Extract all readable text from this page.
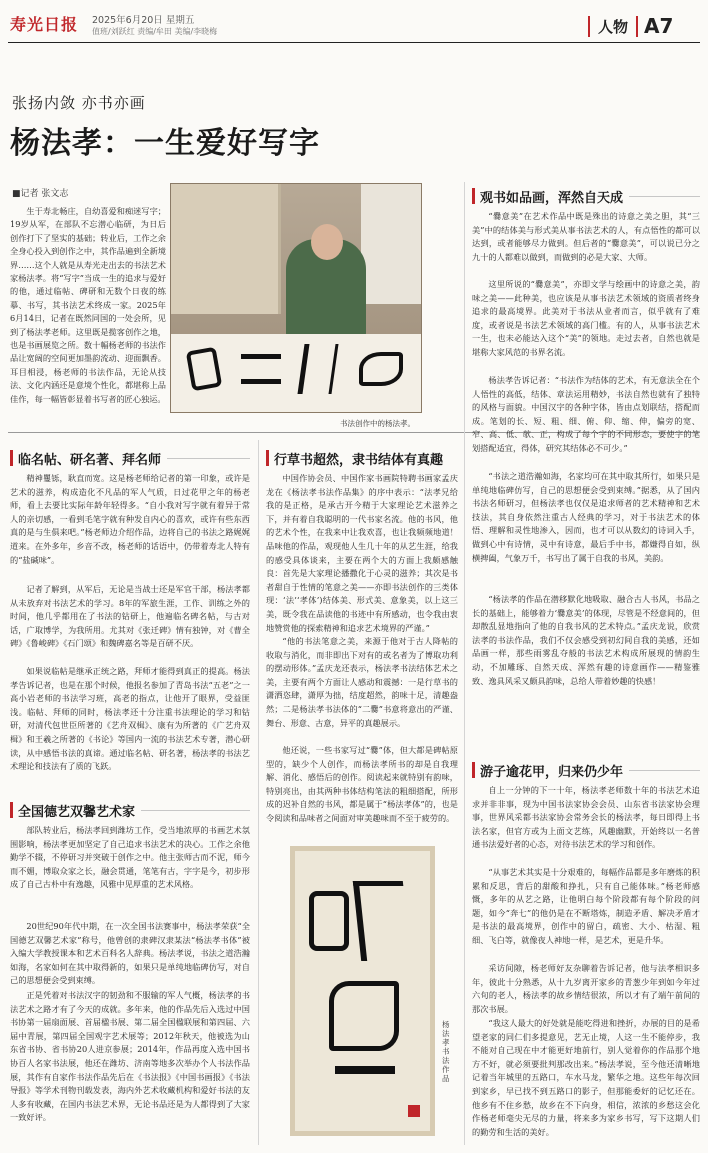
寿光日报 2025年6月20日 星期五
值班/刘跃红 责编/牟田 美编/李晓梅	人物 A7
张扬内敛 亦书亦画
杨法孝：一生爱好写字
■记者 张文志

生于寿北畅庄，自幼喜爱和痴迷写字；19岁从军，在部队不忘潜心临研，为日后创作打下了坚实的基础；转业后，工作之余全身心投入到创作之中，其作品遍到全新境界……这个人就是从寿光走出去的书法艺术家杨法孝。将“写字”当成一生的追求与爱好的他，通过临帖、碑研和无数个日夜的练摹、书写，其书法艺术终成一家。2025年6月14日，记者在既然同国的一处会所，见到了杨法孝老师。这里既是揽客创作之地，也是书画展览之所。数十幅杨老师的书法作品让宽阔的空间更加墨韵流动、迎面飘香。耳目相浸，杨老师的书法作品，无论从技法、文化内涵还是意境个性化，都堪称上品佳作，每一幅皆彰显着书写者的匠心独运。

书法创作中的杨法孝。
临名帖、研名著、拜名师

精神矍铄，耿直而宽。这是杨老师给记者的第一印象，或许是艺术的滋养，构成造化不凡品的军人气质，日过花甲之年的杨老师，看上去要比实际年龄年轻得多。“自小我对写字就有着异于常人的亲切感，一看到毛笔字就有种发自内心的喜欢，或许有些东西真的是与生俱来吧。”杨老师边介绍作品，边将自己的书法之路娓娓道来。在外多年，乡音不改，杨老师的话语中，仍带着寿北人特有的“盐碱味”。

记者了解到，从军后，无论是当战士还是军官干部，杨法孝都从未放弃对书法艺术的学习。8年的军旅生涯，工作、训练之外的时间，他几乎都用在了书法的钻研上，他遍临名碑名帖，与古对话，广取博学，为我所用。尤其对《张迁碑》情有独钟，对《曹全碑》《鲁峻碑》《石门颂》和魏碑嘉名等是百研不厌。

如果说临帖是继承正统之路，拜师才能得到真正的提高。杨法孝告诉记者，也是在那个时候，他报名参加了青岛书法“五老”之一高小岩老师的书法学习班，高老的指点，让他开了眼界，受益匪浅。临帖、拜师的同时，杨法孝还十分注重书法理论的学习和钻研，对清代包世臣所著的《艺舟双楫》、康有为所著的《广艺舟双楫》和王羲之所著的《书论》等国内一流的书法艺术专著，潜心研读，从中感悟书法的真谛。通过临名帖、研名著，杨法孝的书法艺术理论和技法有了质的飞跃。

全国德艺双馨艺术家

部队转业后，杨法孝回到潍坊工作，受当地浓厚的书画艺术氛围影响，杨法孝更加坚定了自己追求书法艺术的决心。工作之余他勤学不辍，不停研习并突破于创作之中。他主张师古而不泥，师今而不媚，博取众家之长，融会贯通，笔笔有古，字字是今，初步形成了自己古朴中有逸趣，风雅中见厚重的艺术风格。

20世纪90年代中期，在一次全国书法赛事中，杨法孝荣获“全国德艺双馨艺术家”称号，他曾创的隶碑汉隶某法“杨法孝书体”被入编大学教授课本和艺术百科名人辞典。杨法孝说，书法之道浩瀚如海，名家如何在其中取得新的，如果只是单纯地临碑仿写，对自己的思想便会受到束缚。

正是凭着对书法汉字的韧劲和不服输的军人气概，杨法孝的书法艺术之路才有了今天的成就。多年来，他的作品先后入选过中国书协第一届扇面展、首届楹书展、第二届全国楹联展和第四届、六届中青展，第四届全国观字艺术展等；2012年秋天，他被选为山东省书协、省书协20人进京参展；2014年，作品再度入选中国书协百人名家书法展，他还在潍坊、济南等地多次举办个人书法作品展，其作有自家作书法作品先后在《书法报》《中国书画报》《书法导报》等学术刊物刊载发表，海内外艺术收藏机构和爱好书法的友人多有收藏，在国内书法艺术界，无论书品还是为人都得到了大家一致好评。

行草书超然，隶书结体有真趣

中国作协会员、中国作家书画院特聘书画家孟庆龙在《杨法孝书法作品集》的序中表示：“法孝兄给我的是正格，是承古开今精于大家理论艺术滋养之下，并有着自我聪明的一代书家名流。他的书风，他的艺术个性，在我来中让我欢喜，也让我频频地道！品味他的作品，观现他人生几十年的从艺生涯，给我的感受具体谈来，主要在两个大的方面上我颇感触良：首先是大家理论播撒化于心灵的滋养；其次是书者甜自于性情的笔意之美——亦即书法创作的三类体现：‘法’‘孝体’)结体美、形式美、意象美，以上这三美，既令我在品读他的书迹中有所感动，也令我由衷地赞赏他的探索精神和追求艺术境界的严谨。”

“他的书法笔意之美，来源于他对于古人降帖的收取与消化，而非即出下对有的或名者为了博取功利的摆动形体。”孟庆龙还表示，杨法孝书法结体艺术之美，主要有两个方面让人感动和震撼：一是行草书的潇洒恣肆，潇厚为拙，结度超然，韵味十足，清趣盎然；二是杨法孝书法体的“二爨”书意将意出的严谨、舞台、形意、古意，异平的真趣展示。

他还说，一些书家写过“爨”体，但大都是碑帖原型的，缺少个人创作，而杨法孝所书的却是自我理解、消化、感悟后的创作。阅读起来就特别有韵味，特别亮出，由其两种书体结构笔法的粗细搭配，所形成的迟补自然的书风，都是属于“杨法孝体”的，也是令阅读和品味者之间面对审美趣味而不至于疲劳的。

杨法孝书法作品
观书如品画，浑然自天成

“爨意美”在艺术作品中既是殊出的诗意之美之胆，其“三美”中的结体美与形式美从事书法艺术的人，有点悟性的都可以达到，或者能够尽力做到。但后者的“爨意美”，可以说已分之九十的人都难以做到，而做到的必是大家、大师。

这里所说的“爨意美”，亦即文学与绘画中的诗意之美，韵味之美——此种美，也应该是从事书法艺术领域的资质者终身追求的最高境界。此美对于书法从业者而言，似乎就有了难度，或者说是书法艺术领域的高门槛。有的人，从事书法艺术一生，也未必能达入这个“美”的领地。走过去者，自然也就是堪称大家风范的书界名流。

杨法孝告诉记者：“书法作为结体的艺术，有无意法全在个人悟性的高低，结体、章法运用精妙，书法自然也就有了独特的风格与面貌。中国汉字的各种字体，皆由点划联结，搭配而成。笔划的长、短、粗、细、俯、仰、缩、伸，偏旁的宽、窄、高、低、欹、正，构成了每个字的不同形态，要使字的笔划搭配适宜，得体，研究其结体必不可少。”

“书法之道浩瀚如海，名家均可在其中取其所行，如果只是单纯地临碑仿写，自己的思想便会受到束缚。”据悉，从了国内书法名师研习，但杨法孝也仅仅是追求师者的艺术精神和艺术技法，其自身依然注重古人经典的学习，对于书法艺术的体悟、理解和灵性地渗入，因而，也才可以从数幻的诗词入手，做到心中有诗情，灵中有诗意，最后手中书，都嫌得自如，纵横捭阖，气象万千，书写出了属于自我的书风，美韵。

“杨法孝的作品在潜移默化地吸取、融合古人书风，书品之长的基础上，能够着力‘爨意美’的体现，尽管是不经意间的，但却散乱显地指向了他的自我书风的艺术特点。”孟庆龙说，欣赏法孝的书法作品，我们不仅会感受到初幻间自我的美感，还如品画一样，那些雨雾乱夺般的书法艺术构成所展现的情韵生动，不加雕琢、自然天成、浑然有趣的诗意画作——精鉴雅致、逸具风采又颇具韵味，总给人带着妙趣的快感！

游子逾花甲，归来仍少年

自上一分钟的下一十年，杨法孝老师数十年的书法艺术追求并非非事，现为中国书法家协会会员、山东省书法家协会理事，世界风采都书法家协会常务会长的杨法孝，每日即得上书法名家，但官方或为上面文艺练，风趣幽默，开始终以一名普通书法爱好者的心态，对待书法艺术的学习和创作。

“从事艺术其实是十分艰难的，每幅作品都是多年磨炼的积累和反思，背后的甜酸和挣扎，只有自己能体味。”杨老师感慨，多年的从艺之路，让他明白每个阶段都有每个阶段的问题，如今“奔七”的他仍是在不断塔炼，制造矛盾、解决矛盾才是书法的最高境界，创作中的留白，疏密、大小、枯湿、粗细、飞白等，就像夜人神地一样，是艺术，更是升华。

采访间隙，杨老师好友杂聊着告诉记者，他与法孝相识多年，彼此十分熟悉，从十九岁离开家乡的青葱少年到如今年过六旬的老人，杨法孝的故乡情结很浓，所以才有了端午前间的那次书展。

“我这人最大的好处就是能吃得进和挫折，办展的目的是希望老家的同仁们多提意见，艺无止境，人这一生不能停步，我不能对自己现在中才能更好地前行，别人觉着你的作品那个地方不好，就必须要批判那改出来。”杨法孝说，至今他还清晰地记着当年城里的五路口，车水马龙，繁华之地。这些年每次回到家乡，早已找不到五路口的影子，但那能委好的记忆还在。他乡有不住乡愁，故乡在不下向身，相信，浓浓的乡愁这会化作杨老师毫尖无尽的力量，将来多为家乡书写，写下这期人们的勤劳和生活的美好。
